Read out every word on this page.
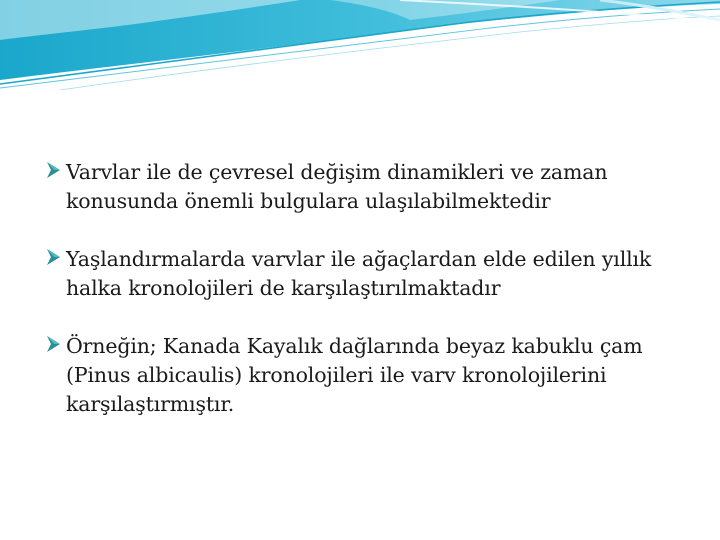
Varvlar ile de çevresel değişim dinamikleri ve zaman konusunda önemli bulgulara ulaşılabilmektedir
Yaşlandırmalarda varvlar ile ağaçlardan elde edilen yıllık halka kronolojileri de karşılaştırılmaktadır
Örneğin; Kanada Kayalık dağlarında beyaz kabuklu çam (Pinus albicaulis) kronolojileri ile varv kronolojilerini karşılaştırmıştır.
